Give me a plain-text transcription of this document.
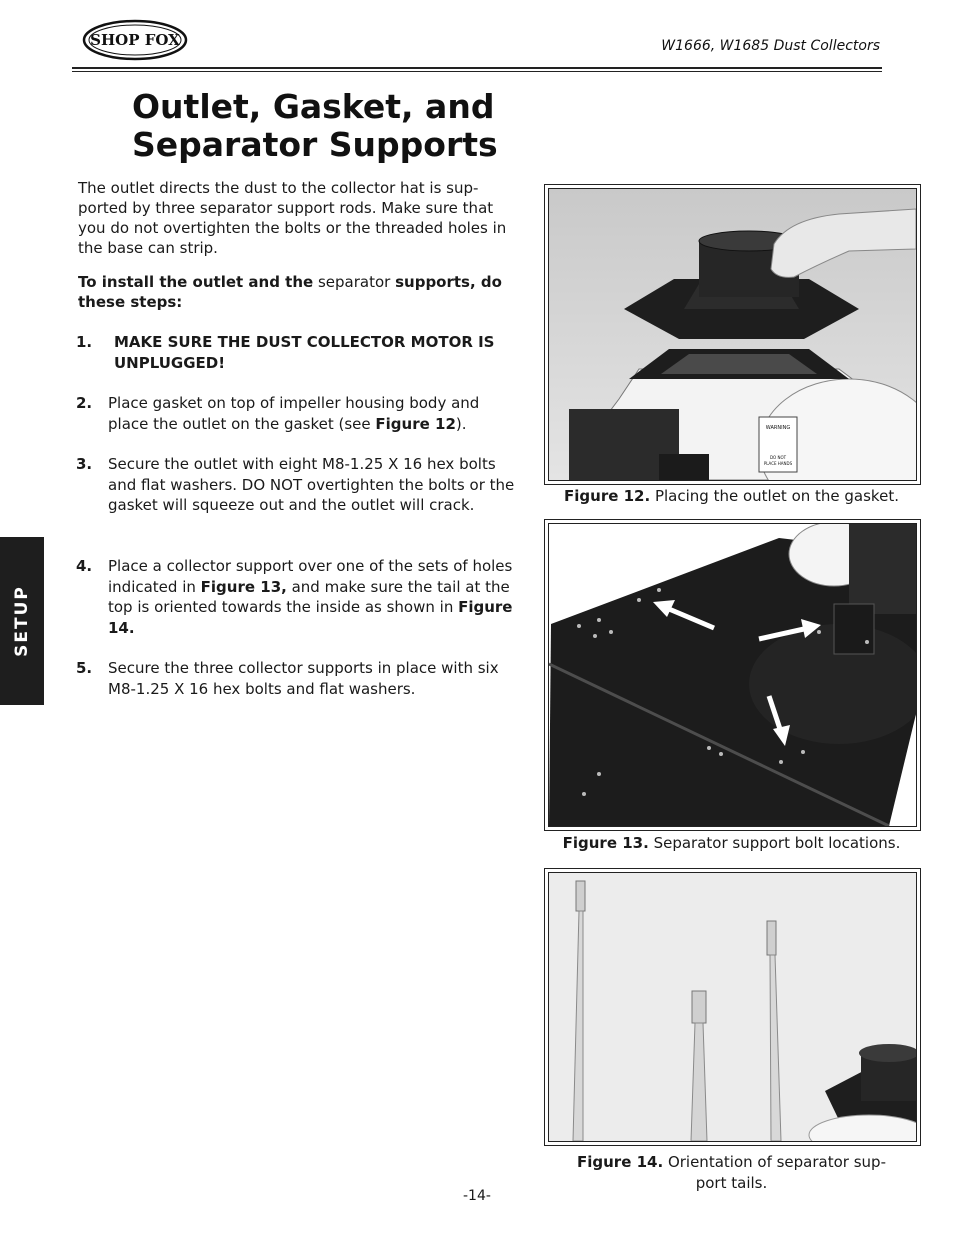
SHOP FOX	W1666, W1685 Dust Collectors
Outlet, Gasket, and
Separator Supports

The outlet directs the dust to the collector hat is sup-ported by three separator support rods. Make sure that you do not overtighten the bolts or the threaded holes in the base can strip.

To install the outlet and the separator supports, do these steps:
1. MAKE SURE THE DUST COLLECTOR MOTOR IS UNPLUGGED!
2. Place gasket on top of impeller housing body and place the outlet on the gasket (see Figure 12).
3. Secure the outlet with eight M8-1.25 X 16 hex bolts and flat washers. DO NOT overtighten the bolts or the gasket will squeeze out and the outlet will crack.
4. Place a collector support over one of the sets of holes indicated in Figure 13, and make sure the tail at the top is oriented towards the inside as shown in Figure 14.
5. Secure the three collector supports in place with six M8-1.25 X 16 hex bolts and flat washers.
SETUP
WARNING
DO NOT
PLACE HANDS
Figure 12. Placing the outlet on the gasket.
Figure 13. Separator support bolt locations.
Figure 14. Orientation of separator sup-
port tails.
-14-
